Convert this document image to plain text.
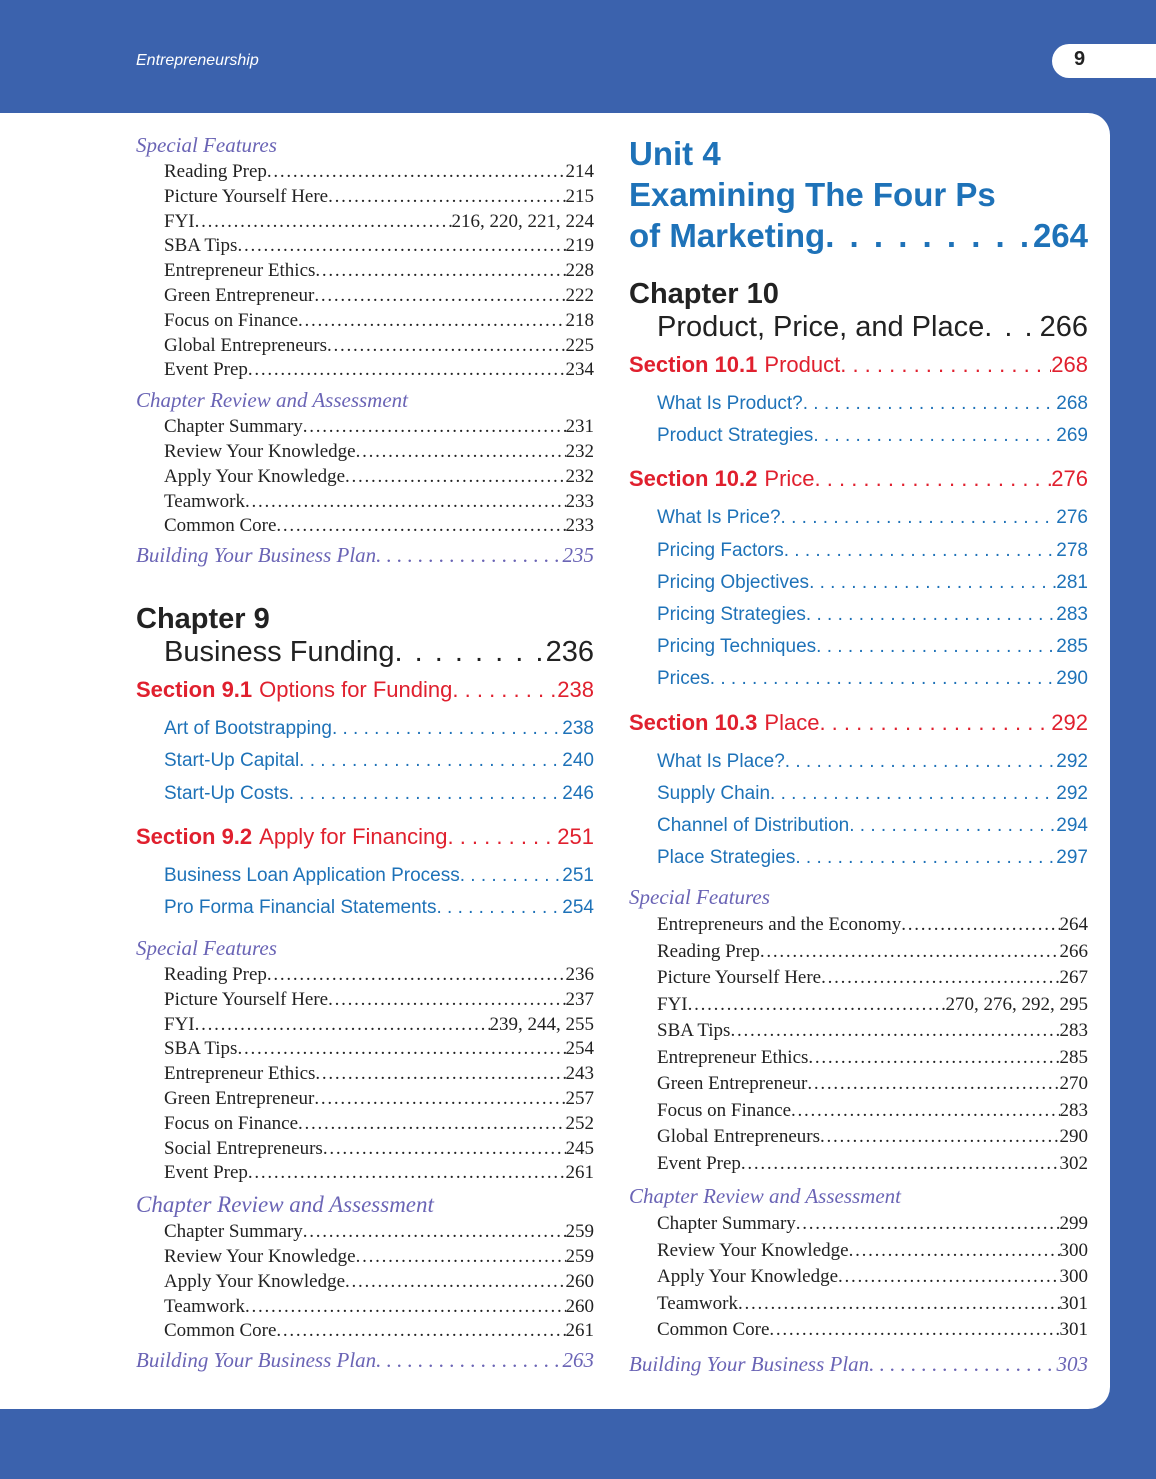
Entrepreneurship	9
Special Features
Reading Prep . . .	214
Picture Yourself Here . . .	215
FYI . . .	216, 220, 221, 224
SBA Tips . . .	219
Entrepreneur Ethics . . .	228
Green Entrepreneur . . .	222
Focus on Finance . . .	218
Global Entrepreneurs . . .	225
Event Prep . . .	234
Chapter Review and Assessment
Chapter Summary . . .	231
Review Your Knowledge . . .	232
Apply Your Knowledge . . .	232
Teamwork . . .	233
Common Core . . .	233
Building Your Business Plan . . .	235
Chapter 9
Business Funding . . .	236
Section 9.1 Options for Funding . . .	238
Art of Bootstrapping . . .	238
Start-Up Capital . . .	240
Start-Up Costs . . .	246
Section 9.2 Apply for Financing . . .	251
Business Loan Application Process . . .	251
Pro Forma Financial Statements . . .	254
Special Features
Reading Prep . . .	236
Picture Yourself Here . . .	237
FYI . . .	239, 244, 255
SBA Tips . . .	254
Entrepreneur Ethics . . .	243
Green Entrepreneur . . .	257
Focus on Finance . . .	252
Social Entrepreneurs . . .	245
Event Prep . . .	261
Chapter Review and Assessment
Chapter Summary . . .	259
Review Your Knowledge . . .	259
Apply Your Knowledge . . .	260
Teamwork . . .	260
Common Core . . .	261
Building Your Business Plan . . .	263
Unit 4
Examining The Four Ps
of Marketing . . .	264
Chapter 10
Product, Price, and Place . . . 266
Section 10.1 Product . . .	268
What Is Product? . . .	268
Product Strategies . . .	269
Section 10.2 Price . . .	276
What Is Price? . . .	276
Pricing Factors . . .	278
Pricing Objectives . . .	281
Pricing Strategies . . .	283
Pricing Techniques . . .	285
Prices . . .	290
Section 10.3 Place . . .	292
What Is Place? . . .	292
Supply Chain . . .	292
Channel of Distribution . . .	294
Place Strategies . . .	297
Special Features
Entrepreneurs and the Economy . . .	264
Reading Prep . . .	266
Picture Yourself Here . . .	267
FYI . . .	270, 276, 292, 295
SBA Tips . . .	283
Entrepreneur Ethics . . .	285
Green Entrepreneur . . .	270
Focus on Finance . . .	283
Global Entrepreneurs . . .	290
Event Prep . . .	302
Chapter Review and Assessment
Chapter Summary . . .	299
Review Your Knowledge . . .	300
Apply Your Knowledge . . .	300
Teamwork . . .	301
Common Core . . .	301
Building Your Business Plan . . .	303
